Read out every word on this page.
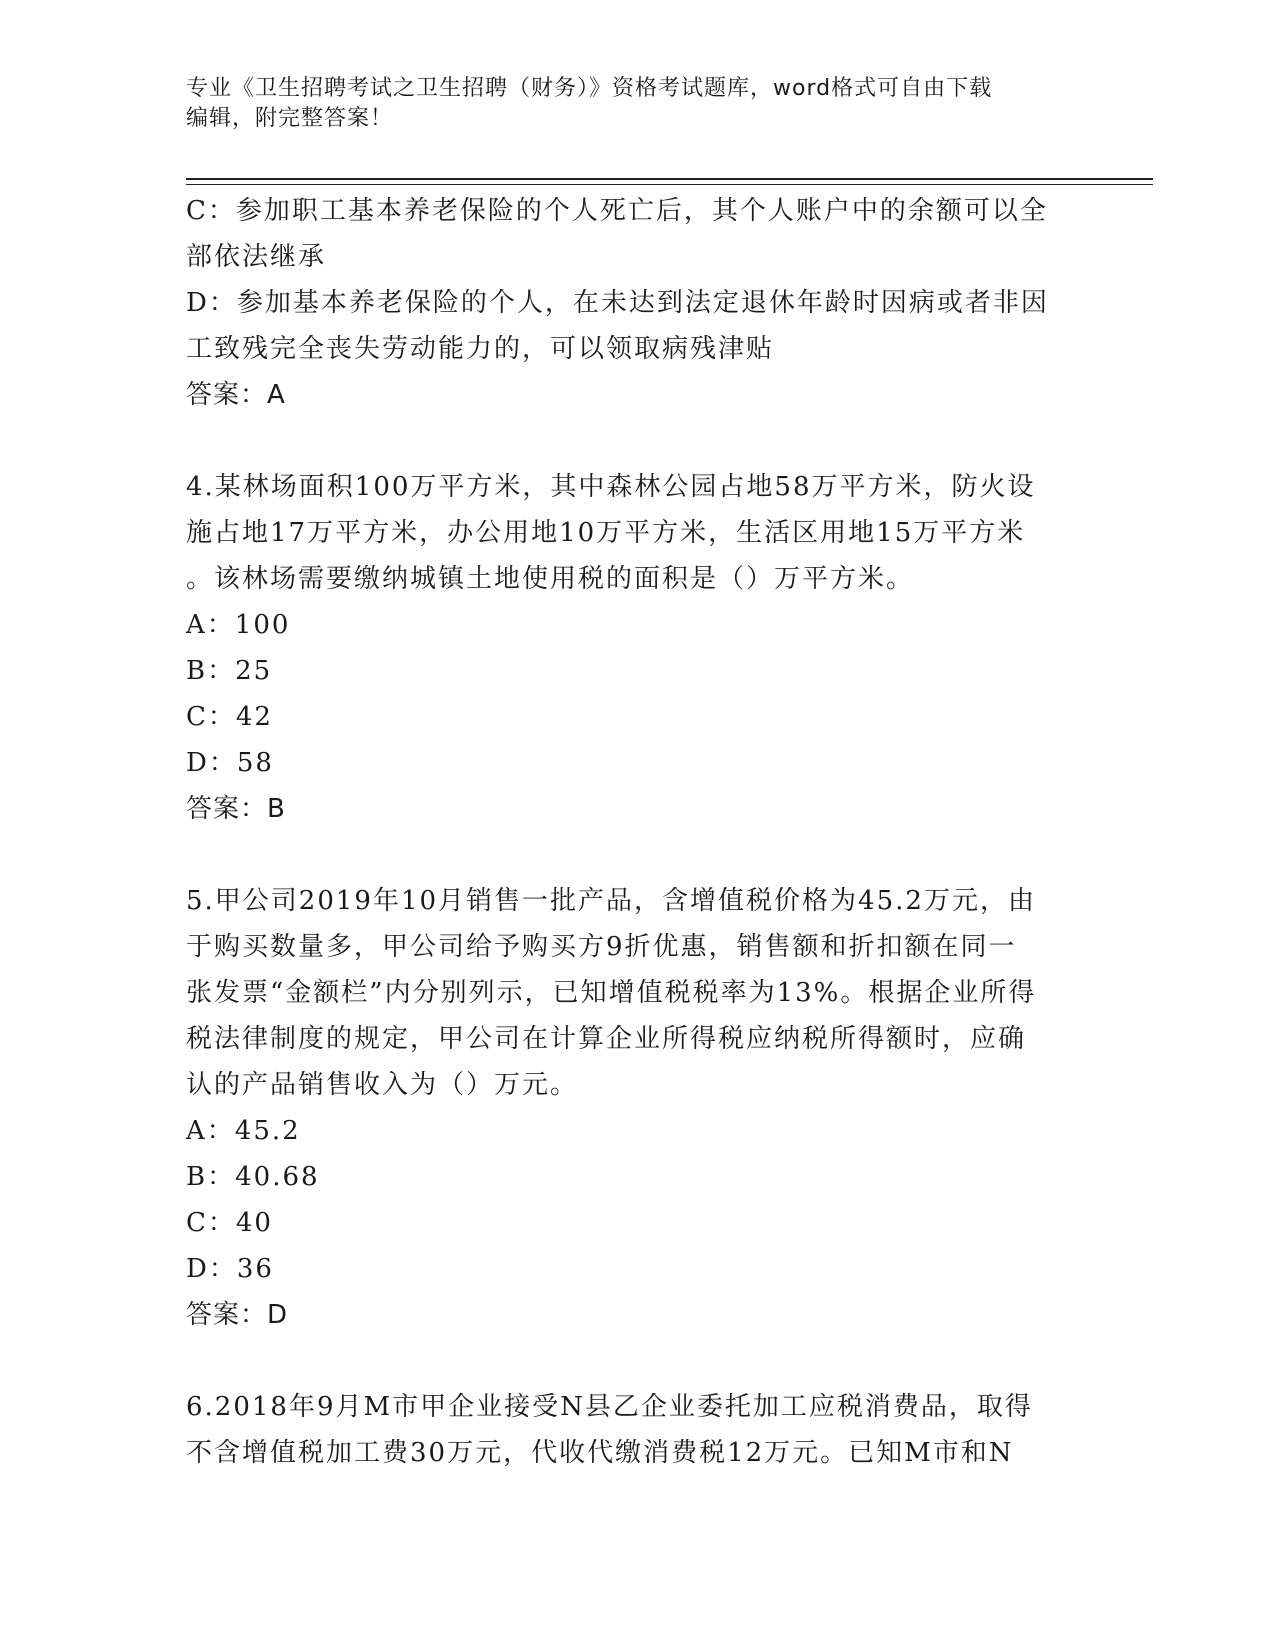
专业《卫生招聘考试之卫生招聘（财务）》资格考试题库，word格式可自由下载
编辑，附完整答案！
C：参加职工基本养老保险的个人死亡后，其个人账户中的余额可以全
部依法继承
D：参加基本养老保险的个人，在未达到法定退休年龄时因病或者非因
工致残完全丧失劳动能力的，可以领取病残津贴
答案：A
4.某林场面积100万平方米，其中森林公园占地58万平方米，防火设
施占地17万平方米，办公用地10万平方米，生活区用地15万平方米
。该林场需要缴纳城镇土地使用税的面积是（）万平方米。
A：100
B：25
C：42
D：58
答案：B
5.甲公司2019年10月销售一批产品，含增值税价格为45.2万元，由
于购买数量多，甲公司给予购买方9折优惠，销售额和折扣额在同一
张发票“金额栏”内分别列示，已知增值税税率为13%。根据企业所得
税法律制度的规定，甲公司在计算企业所得税应纳税所得额时，应确
认的产品销售收入为（）万元。
A：45.2
B：40.68
C：40
D：36
答案：D
6.2018年9月M市甲企业接受N县乙企业委托加工应税消费品，取得
不含增值税加工费30万元，代收代缴消费税12万元。已知M市和N
